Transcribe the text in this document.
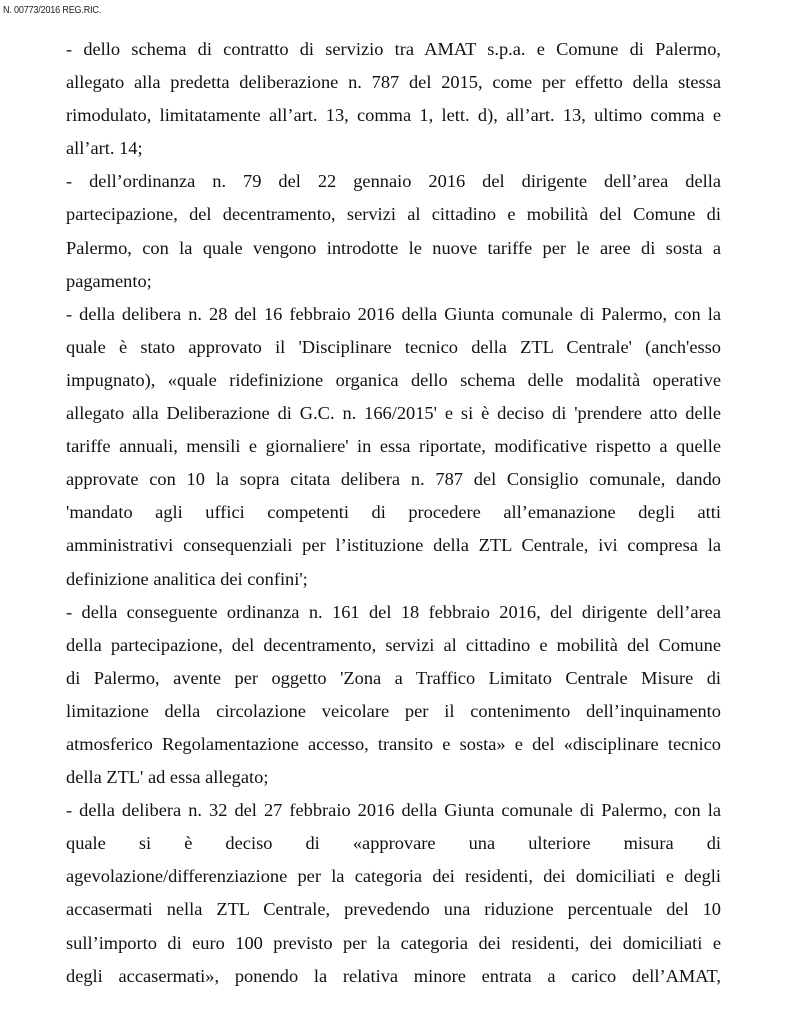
N. 00773/2016 REG.RIC.
- dello schema di contratto di servizio tra AMAT s.p.a. e Comune di Palermo,
allegato alla predetta deliberazione n. 787 del 2015, come per effetto della stessa
rimodulato, limitatamente all’art. 13, comma 1, lett. d), all’art. 13, ultimo comma e
all’art. 14;
- dell’ordinanza n. 79 del 22 gennaio 2016 del dirigente dell’area della
partecipazione, del decentramento, servizi al cittadino e mobilità del Comune di
Palermo, con la quale vengono introdotte le nuove tariffe per le aree di sosta a
pagamento;
- della delibera n. 28 del 16 febbraio 2016 della Giunta comunale di Palermo, con la
quale è stato approvato il 'Disciplinare tecnico della ZTL Centrale' (anch'esso
impugnato), «quale ridefinizione organica dello schema delle modalità operative
allegato alla Deliberazione di G.C. n. 166/2015' e si è deciso di 'prendere atto delle
tariffe annuali, mensili e giornaliere' in essa riportate, modificative rispetto a quelle
approvate con 10 la sopra citata delibera n. 787 del Consiglio comunale, dando
'mandato agli uffici competenti di procedere all’emanazione degli atti
amministrativi consequenziali per l’istituzione della ZTL Centrale, ivi compresa la
definizione analitica dei confini';
- della conseguente ordinanza n. 161 del 18 febbraio 2016, del dirigente dell’area
della partecipazione, del decentramento, servizi al cittadino e mobilità del Comune
di Palermo, avente per oggetto 'Zona a Traffico Limitato Centrale Misure di
limitazione della circolazione veicolare per il contenimento dell’inquinamento
atmosferico Regolamentazione accesso, transito e sosta» e del «disciplinare tecnico
della ZTL' ad essa allegato;
- della delibera n. 32 del 27 febbraio 2016 della Giunta comunale di Palermo, con la
quale si è deciso di «approvare una ulteriore misura di
agevolazione/differenziazione per la categoria dei residenti, dei domiciliati e degli
accasermati nella ZTL Centrale, prevedendo una riduzione percentuale del 10
sull’importo di euro 100 previsto per la categoria dei residenti, dei domiciliati e
degli accasermati», ponendo la relativa minore entrata a carico dell’AMAT,
